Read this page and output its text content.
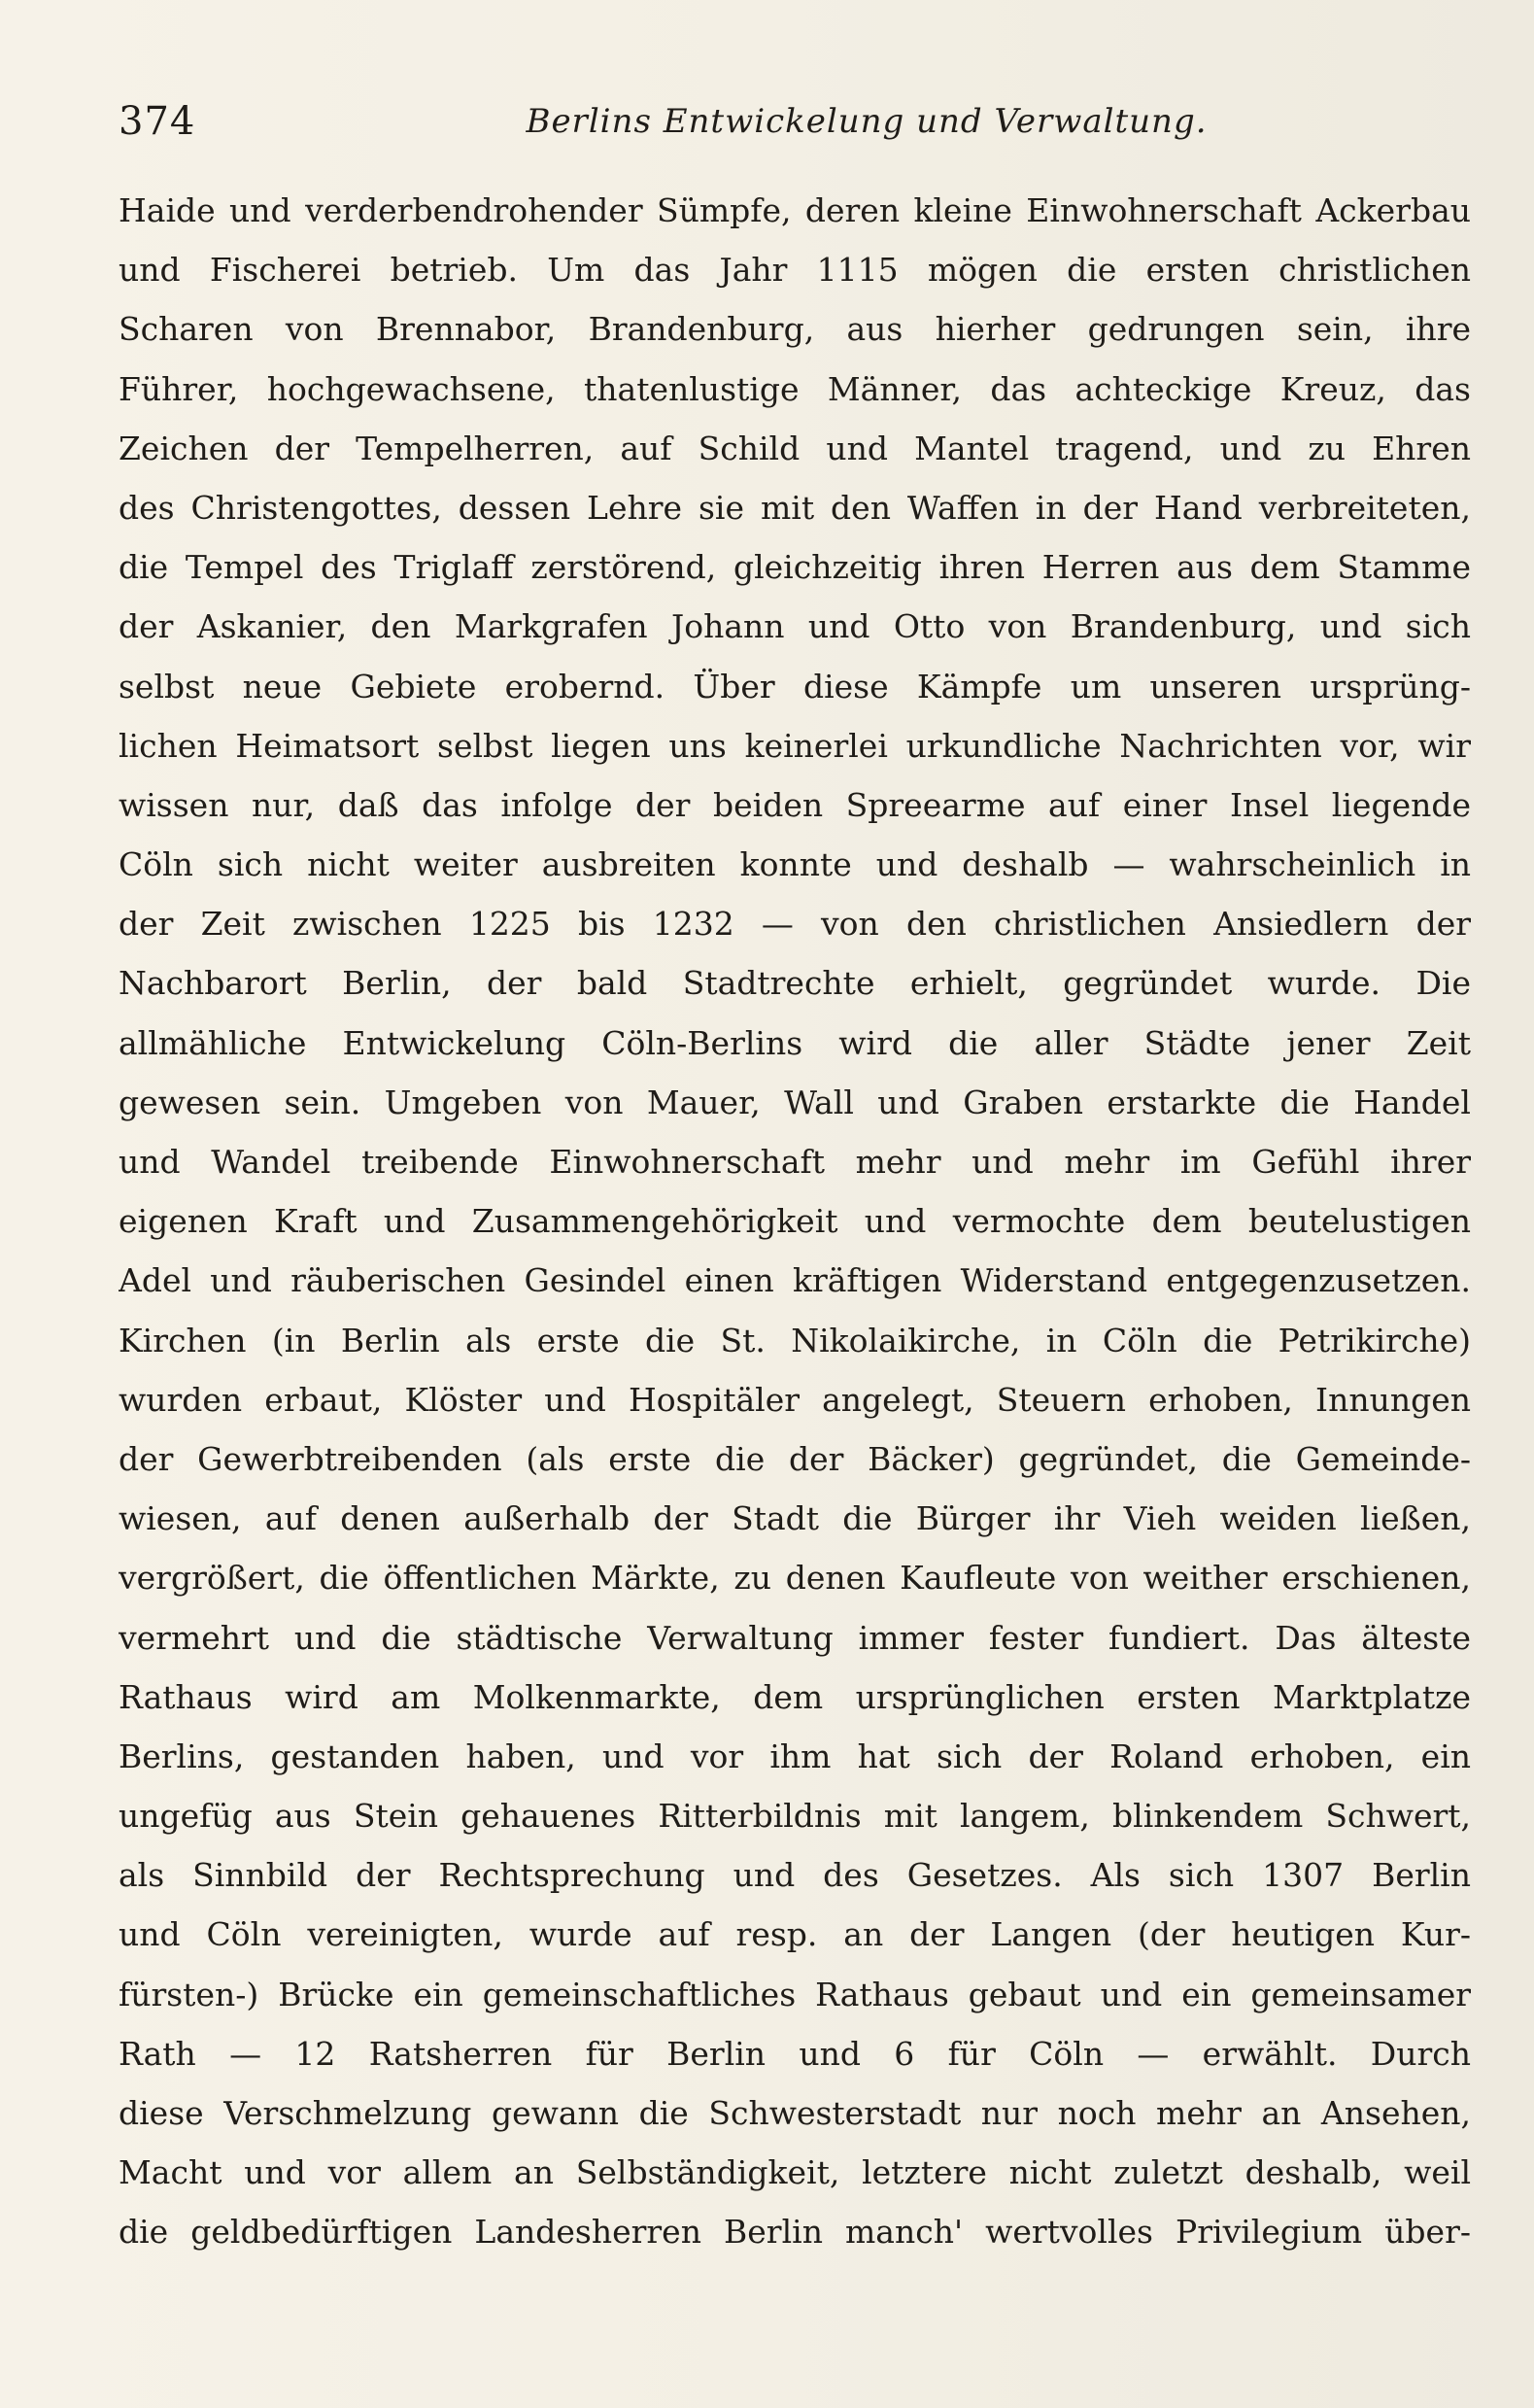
374	Berlins Entwickelung und Verwaltung.
Haide und verderbendrohender Sümpfe, deren kleine Einwohnerschaft Ackerbau
und Fischerei betrieb. Um das Jahr 1115 mögen die ersten christlichen
Scharen von Brennabor, Brandenburg, aus hierher gedrungen sein, ihre
Führer, hochgewachsene, thatenlustige Männer, das achteckige Kreuz, das
Zeichen der Tempelherren, auf Schild und Mantel tragend, und zu Ehren
des Christengottes, dessen Lehre sie mit den Waffen in der Hand verbreiteten,
die Tempel des Triglaff zerstörend, gleichzeitig ihren Herren aus dem Stamme
der Askanier, den Markgrafen Johann und Otto von Brandenburg, und sich
selbst neue Gebiete erobernd. Über diese Kämpfe um unseren ursprüng-
lichen Heimatsort selbst liegen uns keinerlei urkundliche Nachrichten vor, wir
wissen nur, daß das infolge der beiden Spreearme auf einer Insel liegende
Cöln sich nicht weiter ausbreiten konnte und deshalb — wahrscheinlich in
der Zeit zwischen 1225 bis 1232 — von den christlichen Ansiedlern der
Nachbarort Berlin, der bald Stadtrechte erhielt, gegründet wurde. Die
allmähliche Entwickelung Cöln-Berlins wird die aller Städte jener Zeit
gewesen sein. Umgeben von Mauer, Wall und Graben erstarkte die Handel
und Wandel treibende Einwohnerschaft mehr und mehr im Gefühl ihrer
eigenen Kraft und Zusammengehörigkeit und vermochte dem beutelustigen
Adel und räuberischen Gesindel einen kräftigen Widerstand entgegenzusetzen.
Kirchen (in Berlin als erste die St. Nikolaikirche, in Cöln die Petrikirche)
wurden erbaut, Klöster und Hospitäler angelegt, Steuern erhoben, Innungen
der Gewerbtreibenden (als erste die der Bäcker) gegründet, die Gemeinde-
wiesen, auf denen außerhalb der Stadt die Bürger ihr Vieh weiden ließen,
vergrößert, die öffentlichen Märkte, zu denen Kaufleute von weither erschienen,
vermehrt und die städtische Verwaltung immer fester fundiert. Das älteste
Rathaus wird am Molkenmarkte, dem ursprünglichen ersten Marktplatze
Berlins, gestanden haben, und vor ihm hat sich der Roland erhoben, ein
ungefüg aus Stein gehauenes Ritterbildnis mit langem, blinkendem Schwert,
als Sinnbild der Rechtsprechung und des Gesetzes. Als sich 1307 Berlin
und Cöln vereinigten, wurde auf resp. an der Langen (der heutigen Kur-
fürsten-) Brücke ein gemeinschaftliches Rathaus gebaut und ein gemeinsamer
Rath — 12 Ratsherren für Berlin und 6 für Cöln — erwählt. Durch
diese Verschmelzung gewann die Schwesterstadt nur noch mehr an Ansehen,
Macht und vor allem an Selbständigkeit, letztere nicht zuletzt deshalb, weil
die geldbedürftigen Landesherren Berlin manch' wertvolles Privilegium über-
